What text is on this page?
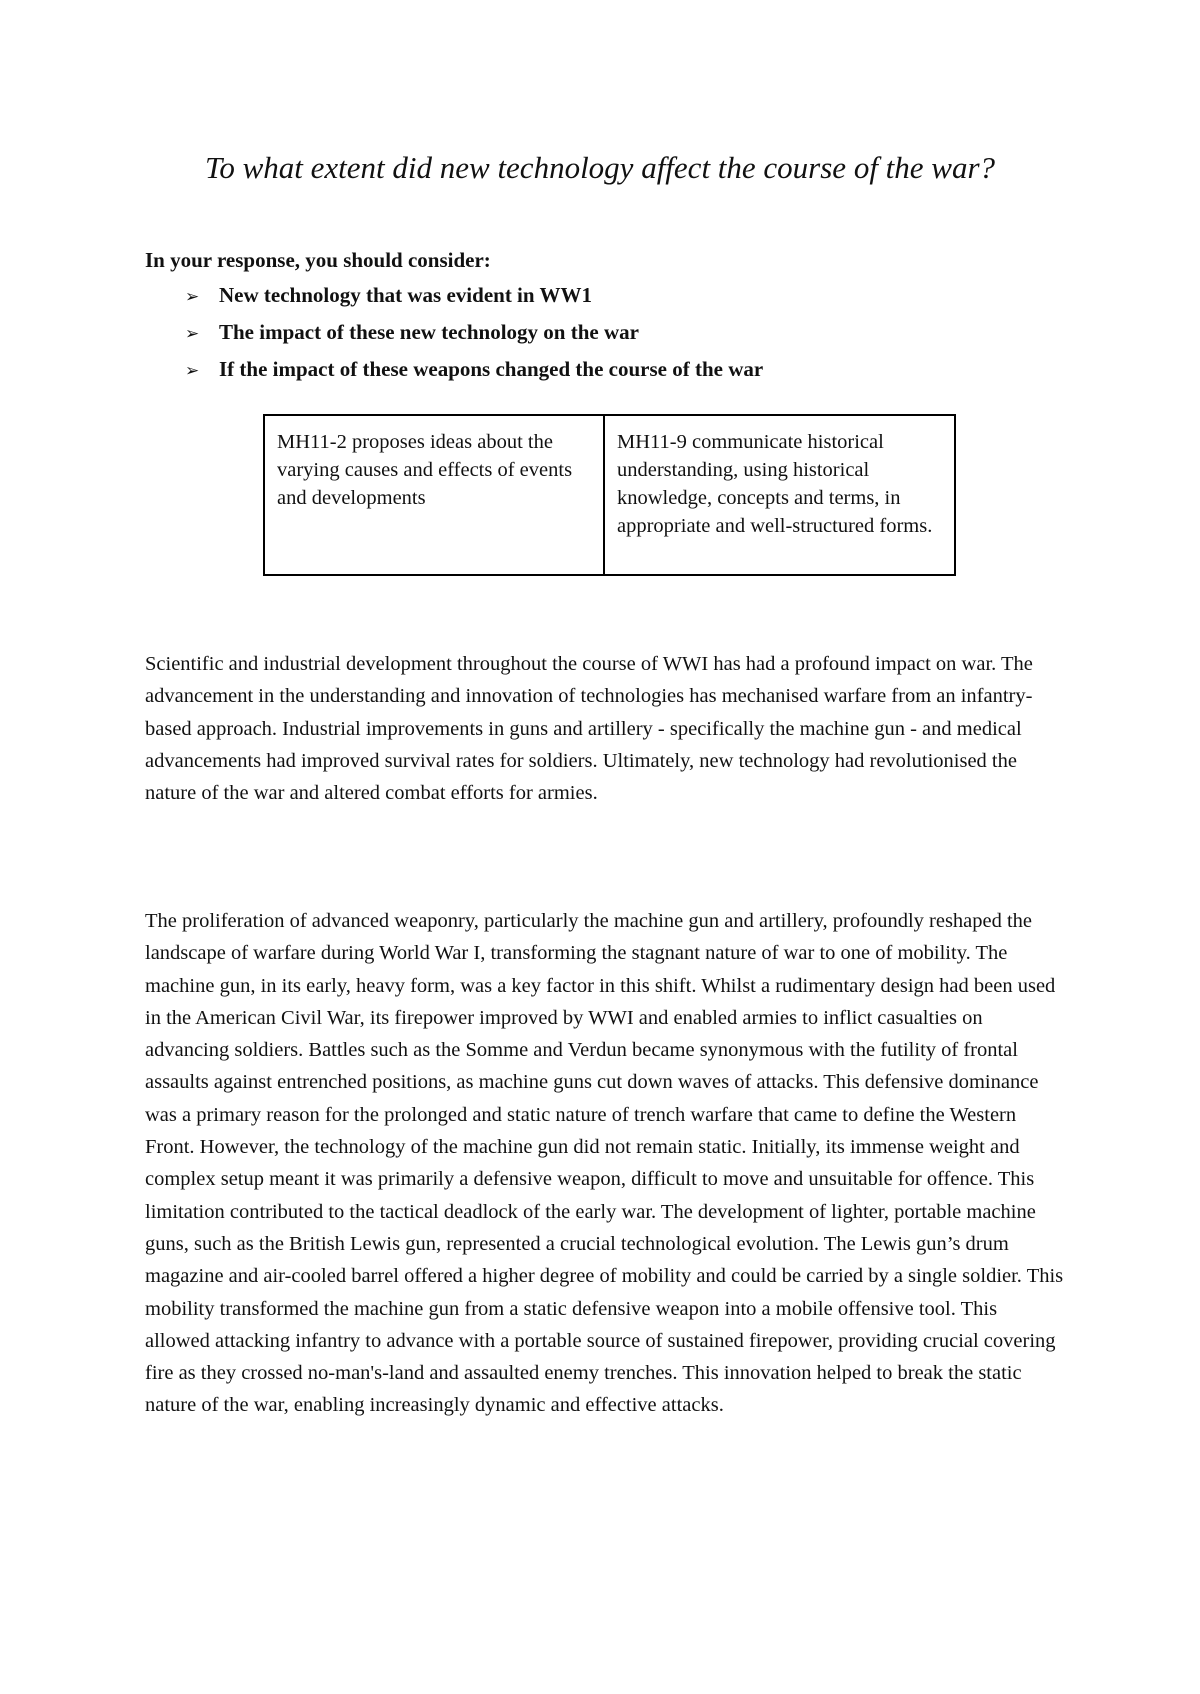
To what extent did new technology affect the course of the war?

In your response, you should consider:

➢ New technology that was evident in WW1
➢ The impact of these new technology on the war
➢ If the impact of these weapons changed the course of the war
MH11-2 proposes ideas about the varying causes and effects of events and developments
MH11-9 communicate historical understanding, using historical knowledge, concepts and terms, in appropriate and well-structured forms.

Scientific and industrial development throughout the course of WWI has had a profound impact on war. The advancement in the understanding and innovation of technologies has mechanised warfare from an infantry-based approach. Industrial improvements in guns and artillery - specifically the machine gun - and medical advancements had improved survival rates for soldiers. Ultimately, new technology had revolutionised the nature of the war and altered combat efforts for armies.

The proliferation of advanced weaponry, particularly the machine gun and artillery, profoundly reshaped the landscape of warfare during World War I, transforming the stagnant nature of war to one of mobility. The machine gun, in its early, heavy form, was a key factor in this shift. Whilst a rudimentary design had been used in the American Civil War, its firepower improved by WWI and enabled armies to inflict casualties on advancing soldiers. Battles such as the Somme and Verdun became synonymous with the futility of frontal assaults against entrenched positions, as machine guns cut down waves of attacks. This defensive dominance was a primary reason for the prolonged and static nature of trench warfare that came to define the Western Front. However, the technology of the machine gun did not remain static. Initially, its immense weight and complex setup meant it was primarily a defensive weapon, difficult to move and unsuitable for offence. This limitation contributed to the tactical deadlock of the early war. The development of lighter, portable machine guns, such as the British Lewis gun, represented a crucial technological evolution. The Lewis gun’s drum magazine and air-cooled barrel offered a higher degree of mobility and could be carried by a single soldier. This mobility transformed the machine gun from a static defensive weapon into a mobile offensive tool. This allowed attacking infantry to advance with a portable source of sustained firepower, providing crucial covering fire as they crossed no-man's-land and assaulted enemy trenches. This innovation helped to break the static nature of the war, enabling increasingly dynamic and effective attacks.
